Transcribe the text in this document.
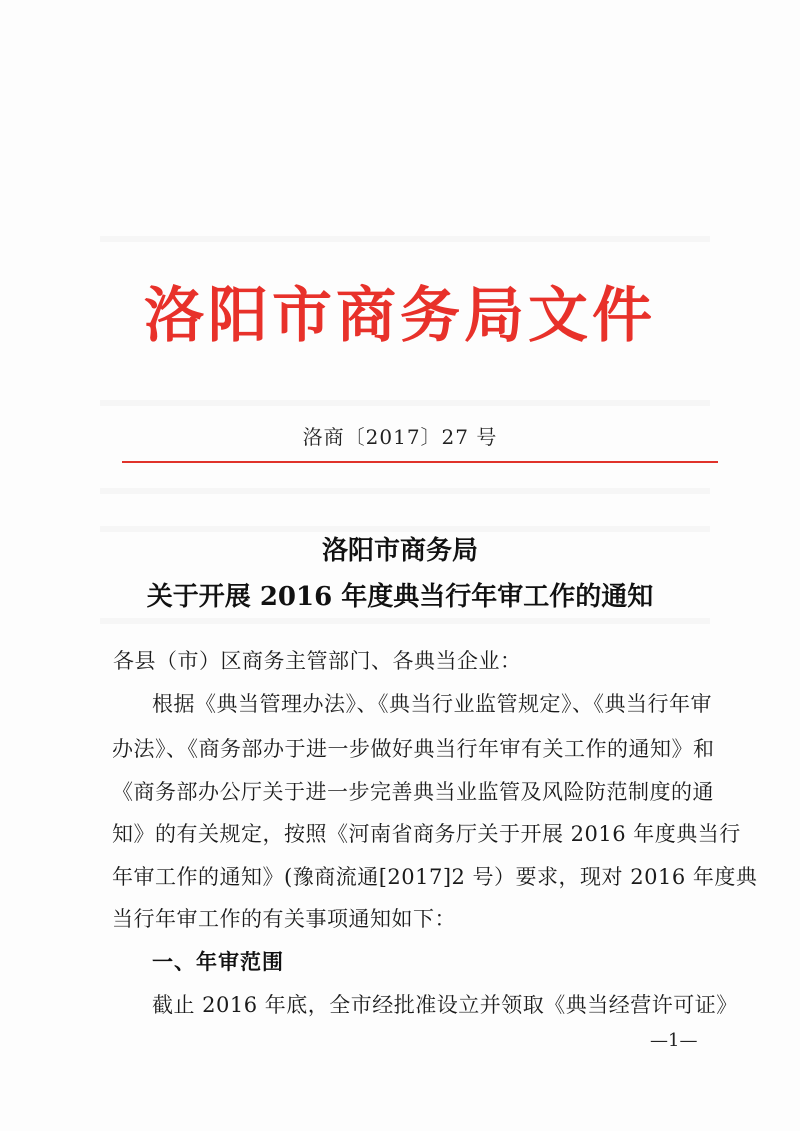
洛阳市商务局文件
洛商〔2017〕27 号
洛阳市商务局
关于开展 2016 年度典当行年审工作的通知
各县（市）区商务主管部门、各典当企业：
根据《典当管理办法》、《典当行业监管规定》、《典当行年审
办法》、《商务部办于进一步做好典当行年审有关工作的通知》和
《商务部办公厅关于进一步完善典当业监管及风险防范制度的通
知》的有关规定，按照《河南省商务厅关于开展 2016 年度典当行
年审工作的通知》(豫商流通[2017]2 号）要求，现对 2016 年度典
当行年审工作的有关事项通知如下：
一、年审范围
截止 2016 年底，全市经批准设立并领取《典当经营许可证》
—1—
